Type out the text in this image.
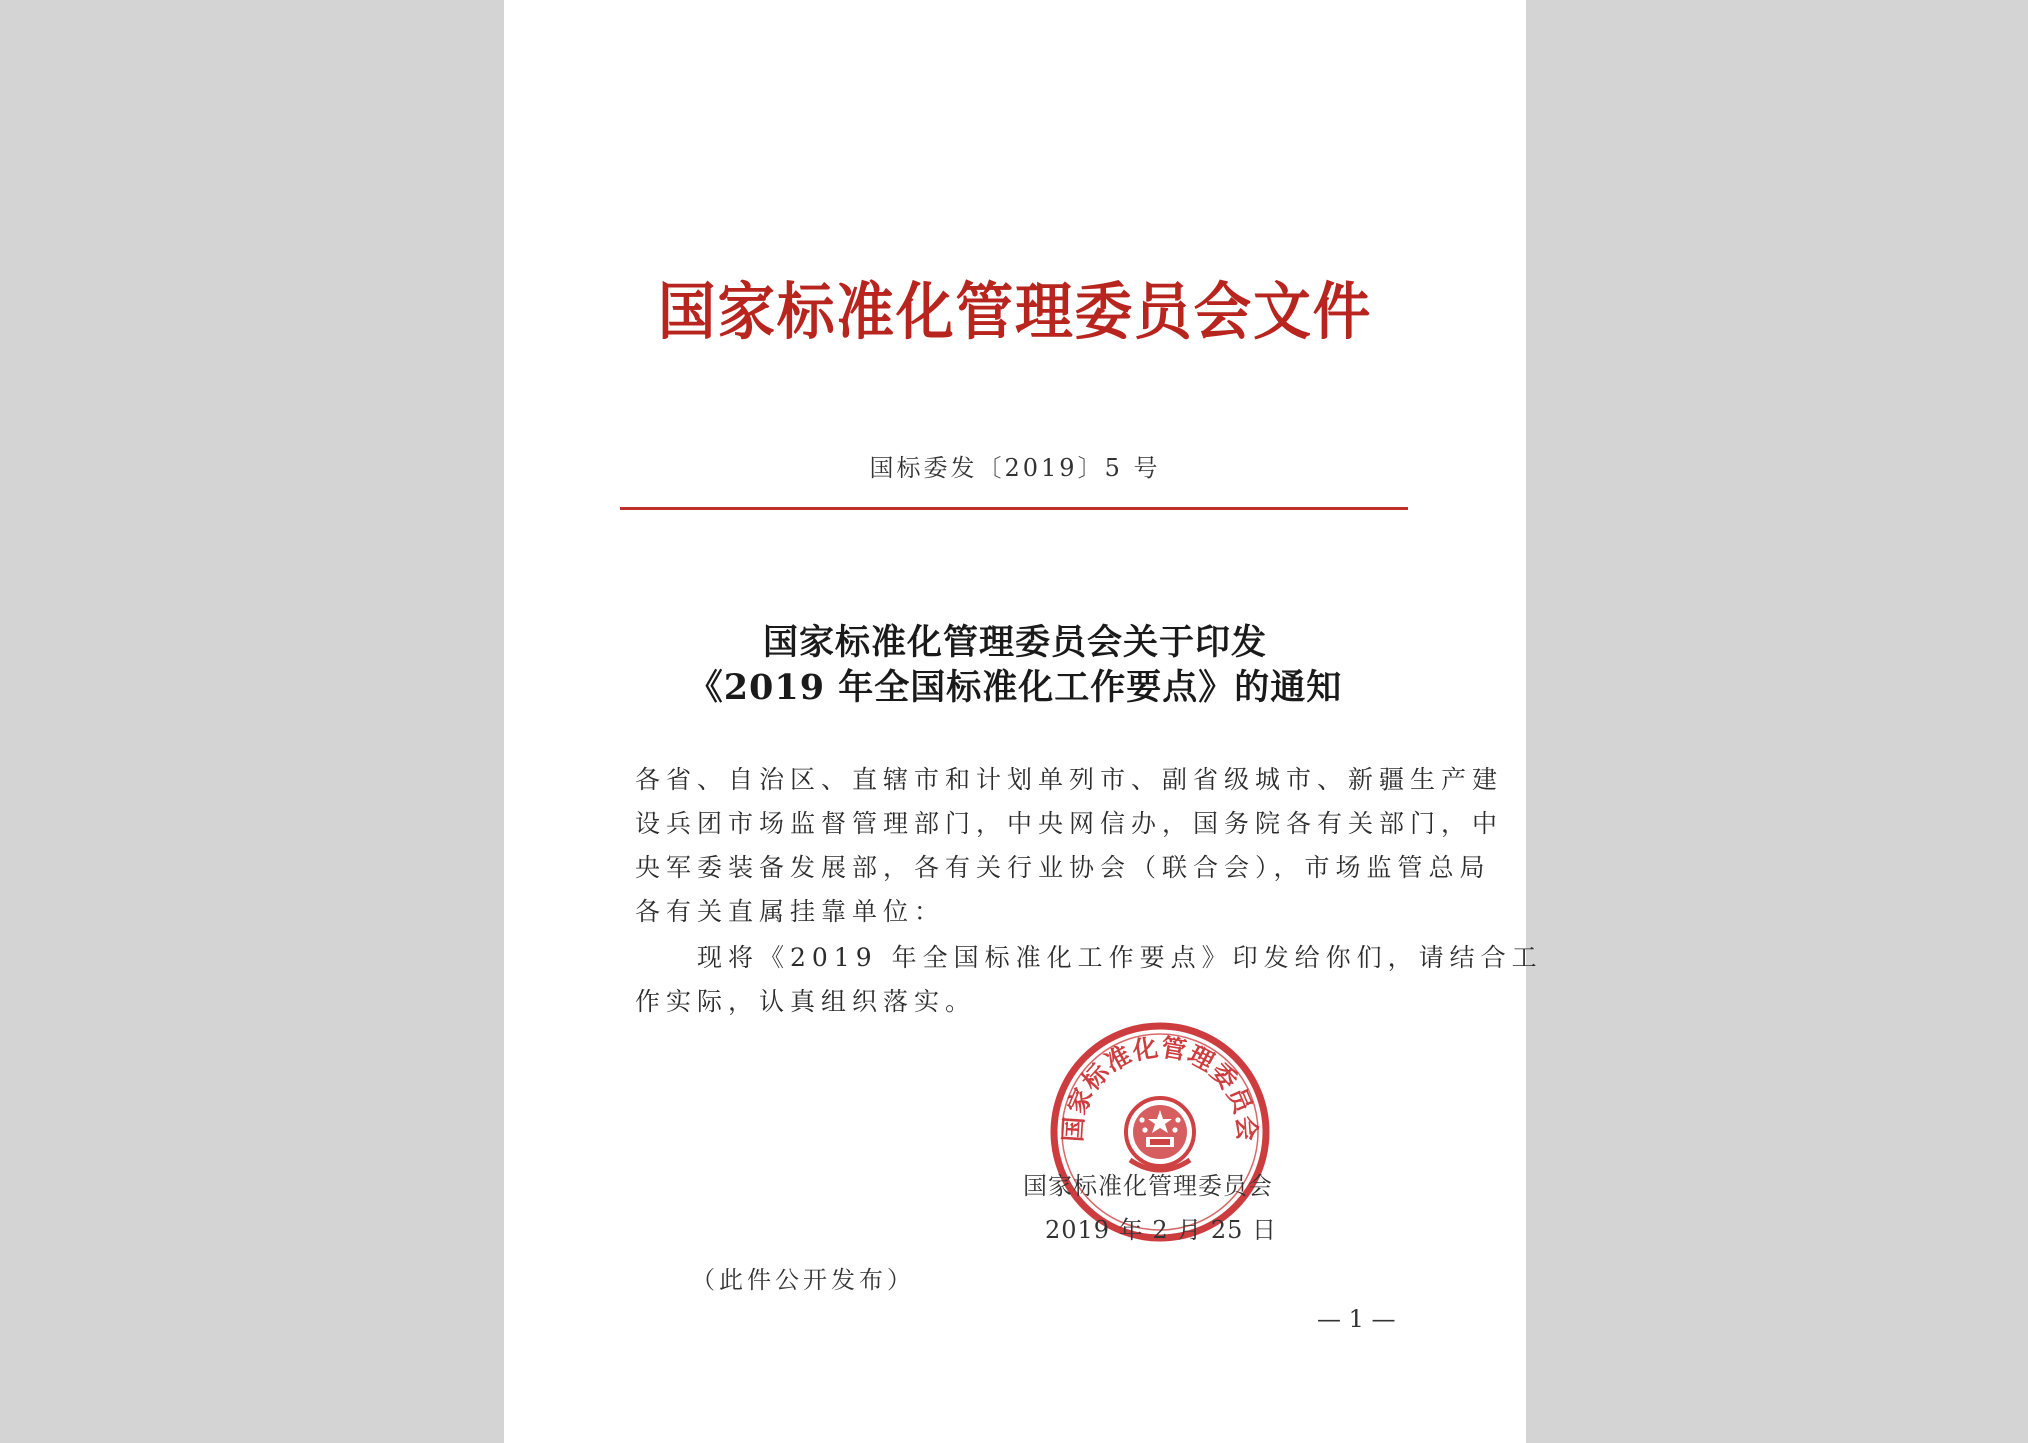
国家标准化管理委员会文件
国标委发〔2019〕5 号
国家标准化管理委员会关于印发
《2019 年全国标准化工作要点》的通知
各省、自治区、直辖市和计划单列市、副省级城市、新疆生产建
设兵团市场监督管理部门，中央网信办，国务院各有关部门，中
央军委装备发展部，各有关行业协会（联合会），市场监管总局
各有关直属挂靠单位：
　　现将《2019 年全国标准化工作要点》印发给你们，请结合工
作实际，认真组织落实。
国家标准化管理委员会
国家标准化管理委员会
2019 年 2 月 25 日
（此件公开发布）
— 1 —
